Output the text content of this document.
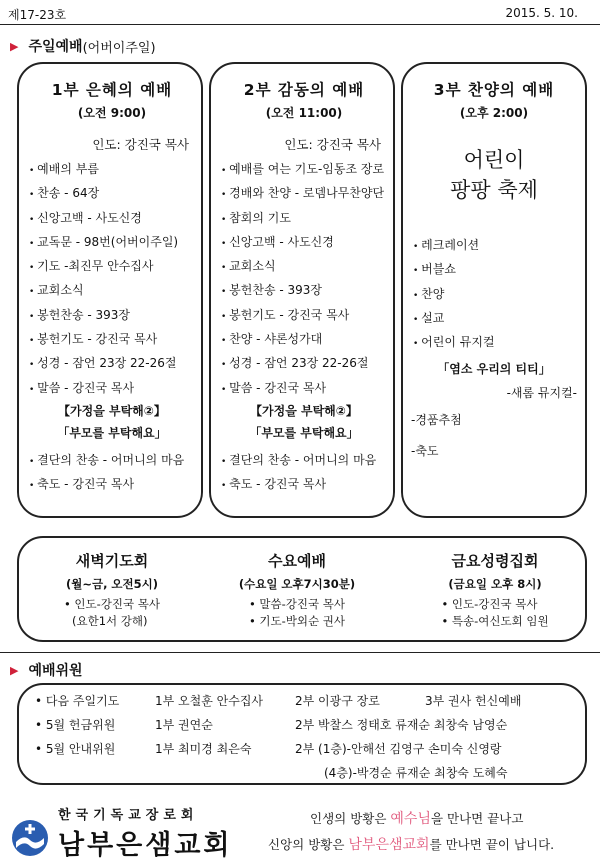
제17-23호	2015. 5. 10.
▶ 주일예배 (어버이주일)
1부 은혜의 예배
(오전 9:00)
인도: 강진국 목사
• 예배의 부름
• 찬송 - 64장
• 신앙고백 - 사도신경
• 교독문 - 98번(어버이주일)
• 기도 -최진무 안수집사
• 교회소식
• 봉헌찬송 - 393장
• 봉헌기도 - 강진국 목사
• 성경 - 잠언 23장 22-26절
• 말씀 - 강진국 목사
【가정을 부탁해②】
「부모를 부탁해요」
• 결단의 찬송 - 어머니의 마음
• 축도 - 강진국 목사
2부 감동의 예배
(오전 11:00)
인도: 강진국 목사
• 예배를 여는 기도-임동조 장로
• 경배와 찬양 - 로뎀나무찬양단
• 참회의 기도
• 신앙고백 - 사도신경
• 교회소식
• 봉헌찬송 - 393장
• 봉헌기도 - 강진국 목사
• 찬양 - 샤론성가대
• 성경 - 잠언 23장 22-26절
• 말씀 - 강진국 목사
【가정을 부탁해②】
「부모를 부탁해요」
• 결단의 찬송 - 어머니의 마음
• 축도 - 강진국 목사
3부 찬양의 예배
(오후 2:00)
어린이
팡팡 축제
• 레크레이션
• 버블쇼
• 찬양
• 설교
• 어린이 뮤지컬
「염소 우리의 티티」
-새롬 뮤지컬-
-경품추첨
-축도
새벽기도회
(월~금, 오전5시)
• 인도-강진국 목사
(요한1서 강해)
수요예배
(수요일 오후7시30분)
• 말씀-강진국 목사
• 기도-박외순 권사
금요성령집회
(금요일 오후 8시)
• 인도-강진국 목사
• 특송-여신도회 임원
▶ 예배위원
• 다음 주일기도	1부 오철훈 안수집사	2부 이광구 장로	3부 권사 헌신예배
• 5월 헌금위원	1부 권연순	2부 박찰스 정태호 류재순 최창숙 남영순
• 5월 안내위원	1부 최미경 최은숙	2부 (1층)-안해선 김영구 손미숙 신영랑
(4층)-박경순 류재순 최창숙 도혜숙
한국기독교장로회
남부은샘교회
인생의 방황은 예수님을 만나면 끝나고
신앙의 방황은 남부은샘교회를 만나면 끝이 납니다.
